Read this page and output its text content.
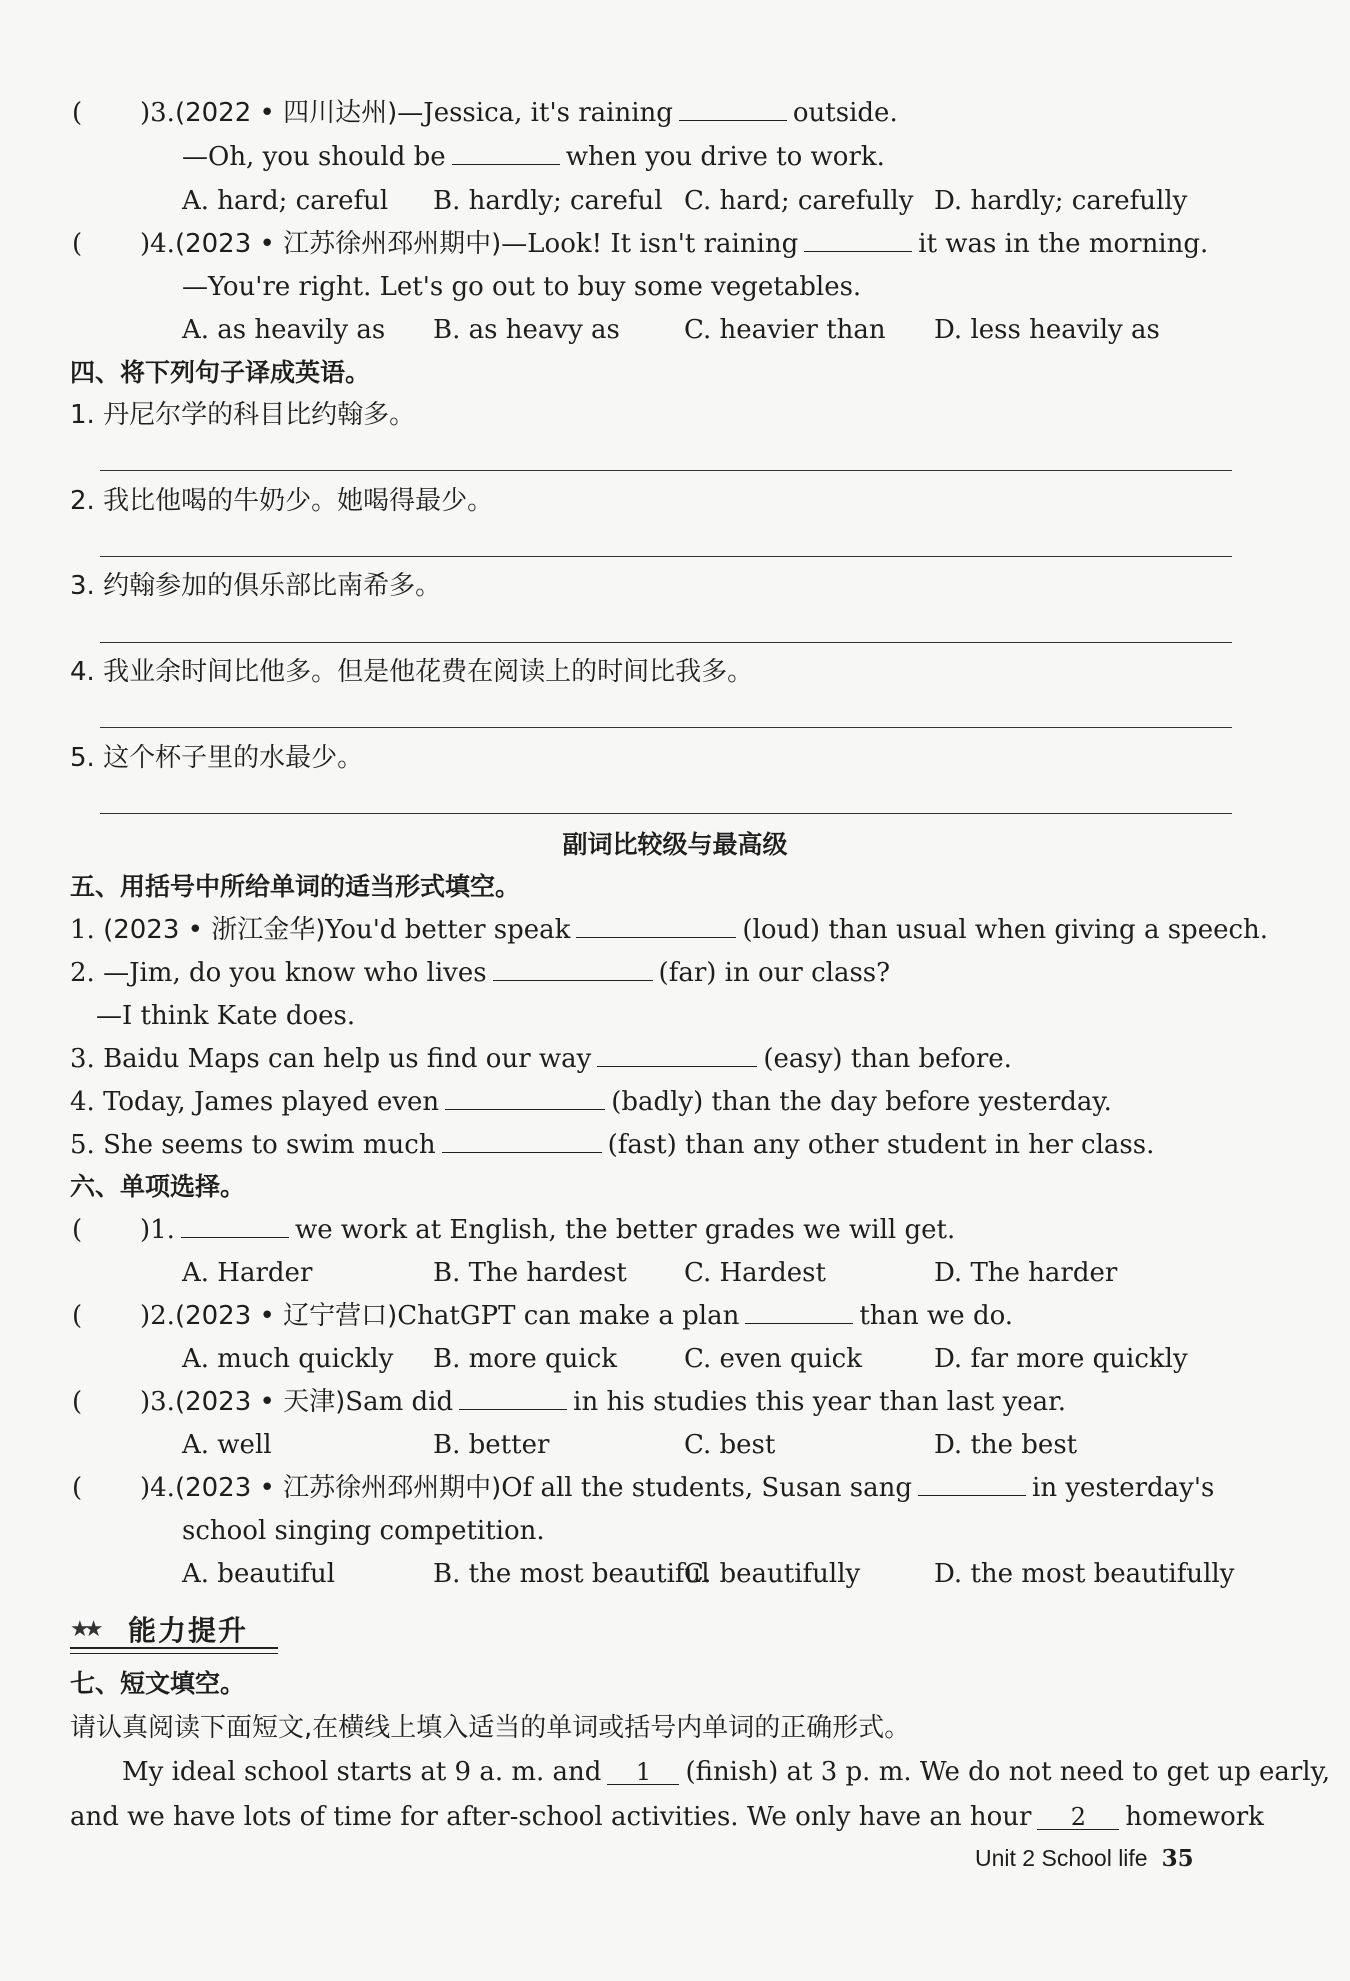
( )3.(2022 • 四川达州)—Jessica, it's raining	outside.
—Oh, you should be	when you drive to work.
A. hard; careful B. hardly; careful C. hard; carefully D. hardly; carefully
( )4.(2023 • 江苏徐州邳州期中)—Look! It isn't raining	it was in the morning.
—You're right. Let's go out to buy some vegetables.
A. as heavily as B. as heavy as C. heavier than D. less heavily as
四、将下列句子译成英语。
1. 丹尼尔学的科目比约翰多。
2. 我比他喝的牛奶少。她喝得最少。
3. 约翰参加的俱乐部比南希多。
4. 我业余时间比他多。但是他花费在阅读上的时间比我多。
5. 这个杯子里的水最少。
副词比较级与最高级
五、用括号中所给单词的适当形式填空。
1. (2023 • 浙江金华)You'd better speak	(loud) than usual when giving a speech.
2. —Jim, do you know who lives	(far) in our class?
—I think Kate does.
3. Baidu Maps can help us find our way	(easy) than before.
4. Today, James played even	(badly) than the day before yesterday.
5. She seems to swim much	(fast) than any other student in her class.
六、单项选择。
( )1.	we work at English, the better grades we will get.
A. Harder	B. The hardest C. Hardest	D. The harder
( )2.(2023 • 辽宁营口)ChatGPT can make a plan	than we do.
A. much quickly B. more quick	C. even quick	D. far more quickly
( )3.(2023 • 天津)Sam did	in his studies this year than last year.
A. well	B. better	C. best	D. the best
( )4.(2023 • 江苏徐州邳州期中)Of all the students, Susan sang	in yesterday's
school singing competition.
A. beautiful	B. the most beautiful
C. beautifully	D. the most beautifully
★★ 能力提升
七、短文填空。
请认真阅读下面短文,在横线上填入适当的单词或括号内单词的正确形式。
My ideal school starts at 9 a. m. and 1 (finish) at 3 p. m. We do not need to get up early,
and we have lots of time for after-school activities. We only have an hour 2 homework
Unit 2 School life 35
